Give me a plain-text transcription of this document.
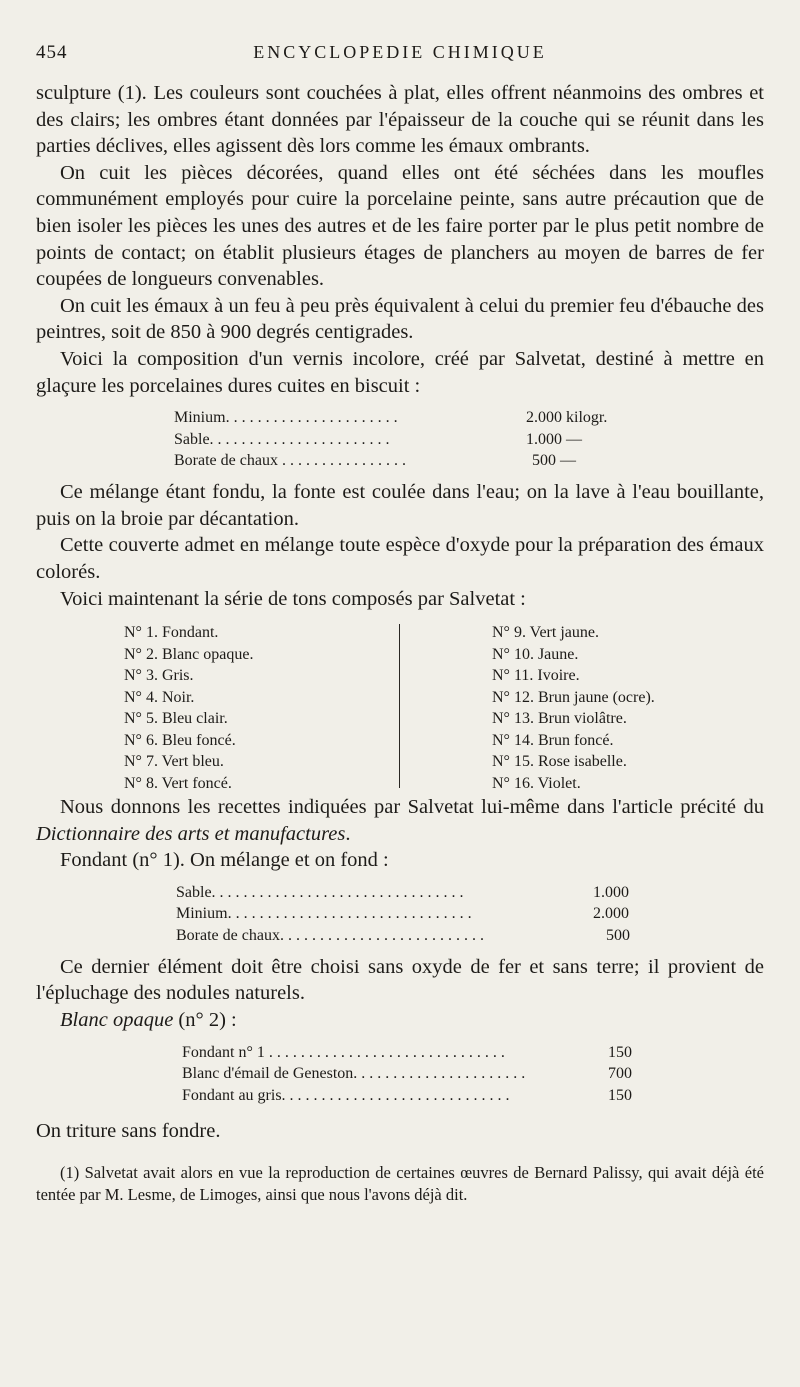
454	ENCYCLOPEDIE CHIMIQUE

sculpture (1). Les couleurs sont couchées à plat, elles offrent néanmoins des ombres et des clairs; les ombres étant données par l'épaisseur de la couche qui se réunit dans les parties déclives, elles agissent dès lors comme les émaux ombrants.

On cuit les pièces décorées, quand elles ont été séchées dans les moufles communément employés pour cuire la porcelaine peinte, sans autre précaution que de bien isoler les pièces les unes des autres et de les faire porter par le plus petit nombre de points de contact; on établit plusieurs étages de planchers au moyen de barres de fer coupées de longueurs convenables.

On cuit les émaux à un feu à peu près équivalent à celui du premier feu d'ébauche des peintres, soit de 850 à 900 degrés centigrades.

Voici la composition d'un vernis incolore, créé par Salvetat, destiné à mettre en glaçure les porcelaines dures cuites en biscuit :

Minium. . . . . . . . . . . . . . . . . . . . . .	2.000 kilogr.
Sable. . . . . . . . . . . . . . . . . . . . . . .	1.000 —
Borate de chaux . . . . . . . . . . . . . . . .	500 —

Ce mélange étant fondu, la fonte est coulée dans l'eau; on la lave à l'eau bouillante, puis on la broie par décantation.

Cette couverte admet en mélange toute espèce d'oxyde pour la préparation des émaux colorés.

Voici maintenant la série de tons composés par Salvetat :

N° 1. Fondant.
N° 2. Blanc opaque.
N° 3. Gris.
N° 4. Noir.
N° 5. Bleu clair.
N° 6. Bleu foncé.
N° 7. Vert bleu.
N° 8. Vert foncé.
N° 9. Vert jaune.
N° 10. Jaune.
N° 11. Ivoire.
N° 12. Brun jaune (ocre).
N° 13. Brun violâtre.
N° 14. Brun foncé.
N° 15. Rose isabelle.
N° 16. Violet.

Nous donnons les recettes indiquées par Salvetat lui-même dans l'article précité du Dictionnaire des arts et manufactures.

Fondant (n° 1). On mélange et on fond :

Sable. . . . . . . . . . . . . . . . . . . . . . . . . . . . . . . .	1.000
Minium. . . . . . . . . . . . . . . . . . . . . . . . . . . . . . .	2.000
Borate de chaux. . . . . . . . . . . . . . . . . . . . . . . . . .	500

Ce dernier élément doit être choisi sans oxyde de fer et sans terre; il provient de l'épluchage des nodules naturels.

Blanc opaque (n° 2) :

Fondant n° 1 . . . . . . . . . . . . . . . . . . . . . . . . . . . . . .	150
Blanc d'émail de Geneston. . . . . . . . . . . . . . . . . . . . . .	700
Fondant au gris. . . . . . . . . . . . . . . . . . . . . . . . . . . . .	150

On triture sans fondre.

(1) Salvetat avait alors en vue la reproduction de certaines œuvres de Bernard Palissy, qui avait déjà été tentée par M. Lesme, de Limoges, ainsi que nous l'avons déjà dit.
